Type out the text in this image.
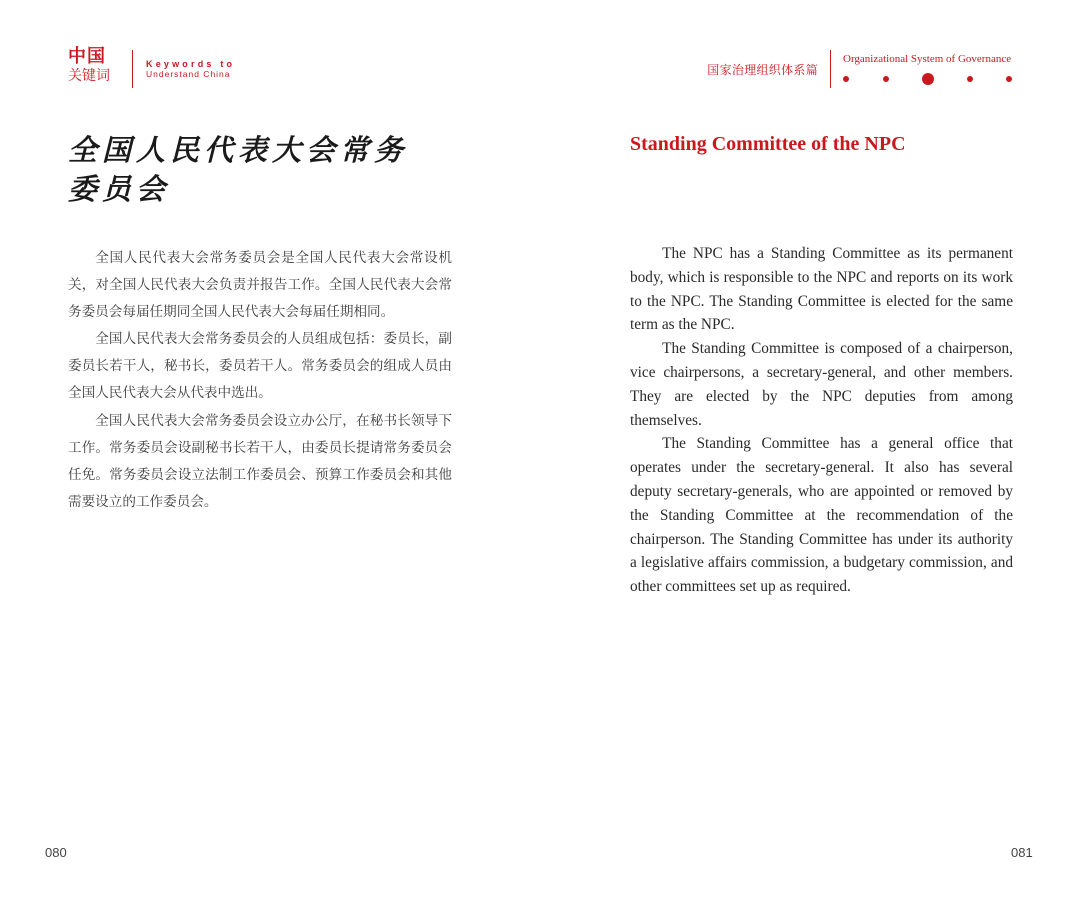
中国
关键词
Keywords to
Understand China	国家治理组织体系篇
Organizational System of Governance
全国人民代表大会常务委员会

全国人民代表大会常务委员会是全国人民代表大会常设机关，对全国人民代表大会负责并报告工作。全国人民代表大会常务委员会每届任期同全国人民代表大会每届任期相同。

全国人民代表大会常务委员会的人员组成包括：委员长，副委员长若干人，秘书长，委员若干人。常务委员会的组成人员由全国人民代表大会从代表中选出。

全国人民代表大会常务委员会设立办公厅，在秘书长领导下工作。常务委员会设副秘书长若干人，由委员长提请常务委员会任免。常务委员会设立法制工作委员会、预算工作委员会和其他需要设立的工作委员会。

Standing Committee of the NPC

The NPC has a Standing Committee as its permanent body, which is responsible to the NPC and reports on its work to the NPC. The Standing Committee is elected for the same term as the NPC.

The Standing Committee is composed of a chairperson, vice chairpersons, a secretary-general, and other members. They are elected by the NPC deputies from among themselves.

The Standing Committee has a general office that operates under the secretary-general. It also has several deputy secretary-generals, who are appointed or removed by the Standing Committee at the recommendation of the chairperson. The Standing Committee has under its authority a legislative affairs commission, a budgetary commission, and other committees set up as required.

080	081
